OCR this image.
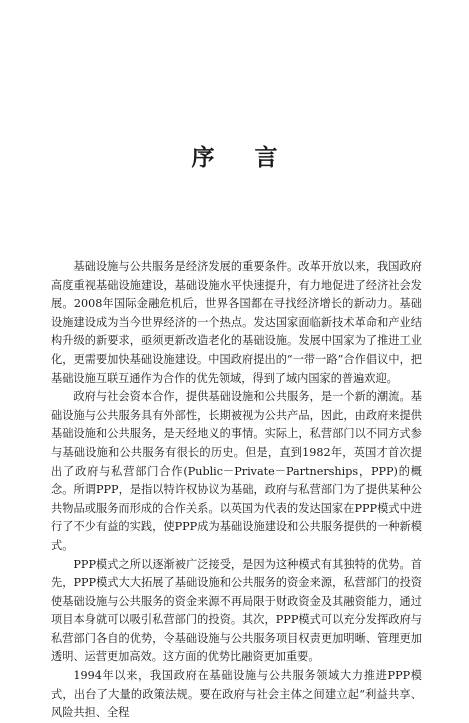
序 言

基础设施与公共服务是经济发展的重要条件。改革开放以来，我国政府高度重视基础设施建设，基础设施水平快速提升，有力地促进了经济社会发展。2008年国际金融危机后，世界各国都在寻找经济增长的新动力。基础设施建设成为当今世界经济的一个热点。发达国家面临新技术革命和产业结构升级的新要求，亟须更新改造老化的基础设施。发展中国家为了推进工业化，更需要加快基础设施建设。中国政府提出的“一带一路”合作倡议中，把基础设施互联互通作为合作的优先领域，得到了域内国家的普遍欢迎。

政府与社会资本合作，提供基础设施和公共服务，是一个新的潮流。基础设施与公共服务具有外部性，长期被视为公共产品，因此，由政府来提供基础设施和公共服务，是天经地义的事情。实际上，私营部门以不同方式参与基础设施和公共服务有很长的历史。但是，直到1982年，英国才首次提出了政府与私营部门合作(Public－Private－Partnerships，PPP)的概念。所谓PPP，是指以特许权协议为基础，政府与私营部门为了提供某种公共物品或服务而形成的合作关系。以英国为代表的发达国家在PPP模式中进行了不少有益的实践，使PPP成为基础设施建设和公共服务提供的一种新模式。

PPP模式之所以逐渐被广泛接受，是因为这种模式有其独特的优势。首先，PPP模式大大拓展了基础设施和公共服务的资金来源，私营部门的投资使基础设施与公共服务的资金来源不再局限于财政资金及其融资能力，通过项目本身就可以吸引私营部门的投资。其次，PPP模式可以充分发挥政府与私营部门各自的优势，令基础设施与公共服务项目权责更加明晰、管理更加透明、运营更加高效。这方面的优势比融资更加重要。

1994年以来，我国政府在基础设施与公共服务领域大力推进PPP模式，出台了大量的政策法规。要在政府与社会主体之间建立起“利益共享、风险共担、全程
